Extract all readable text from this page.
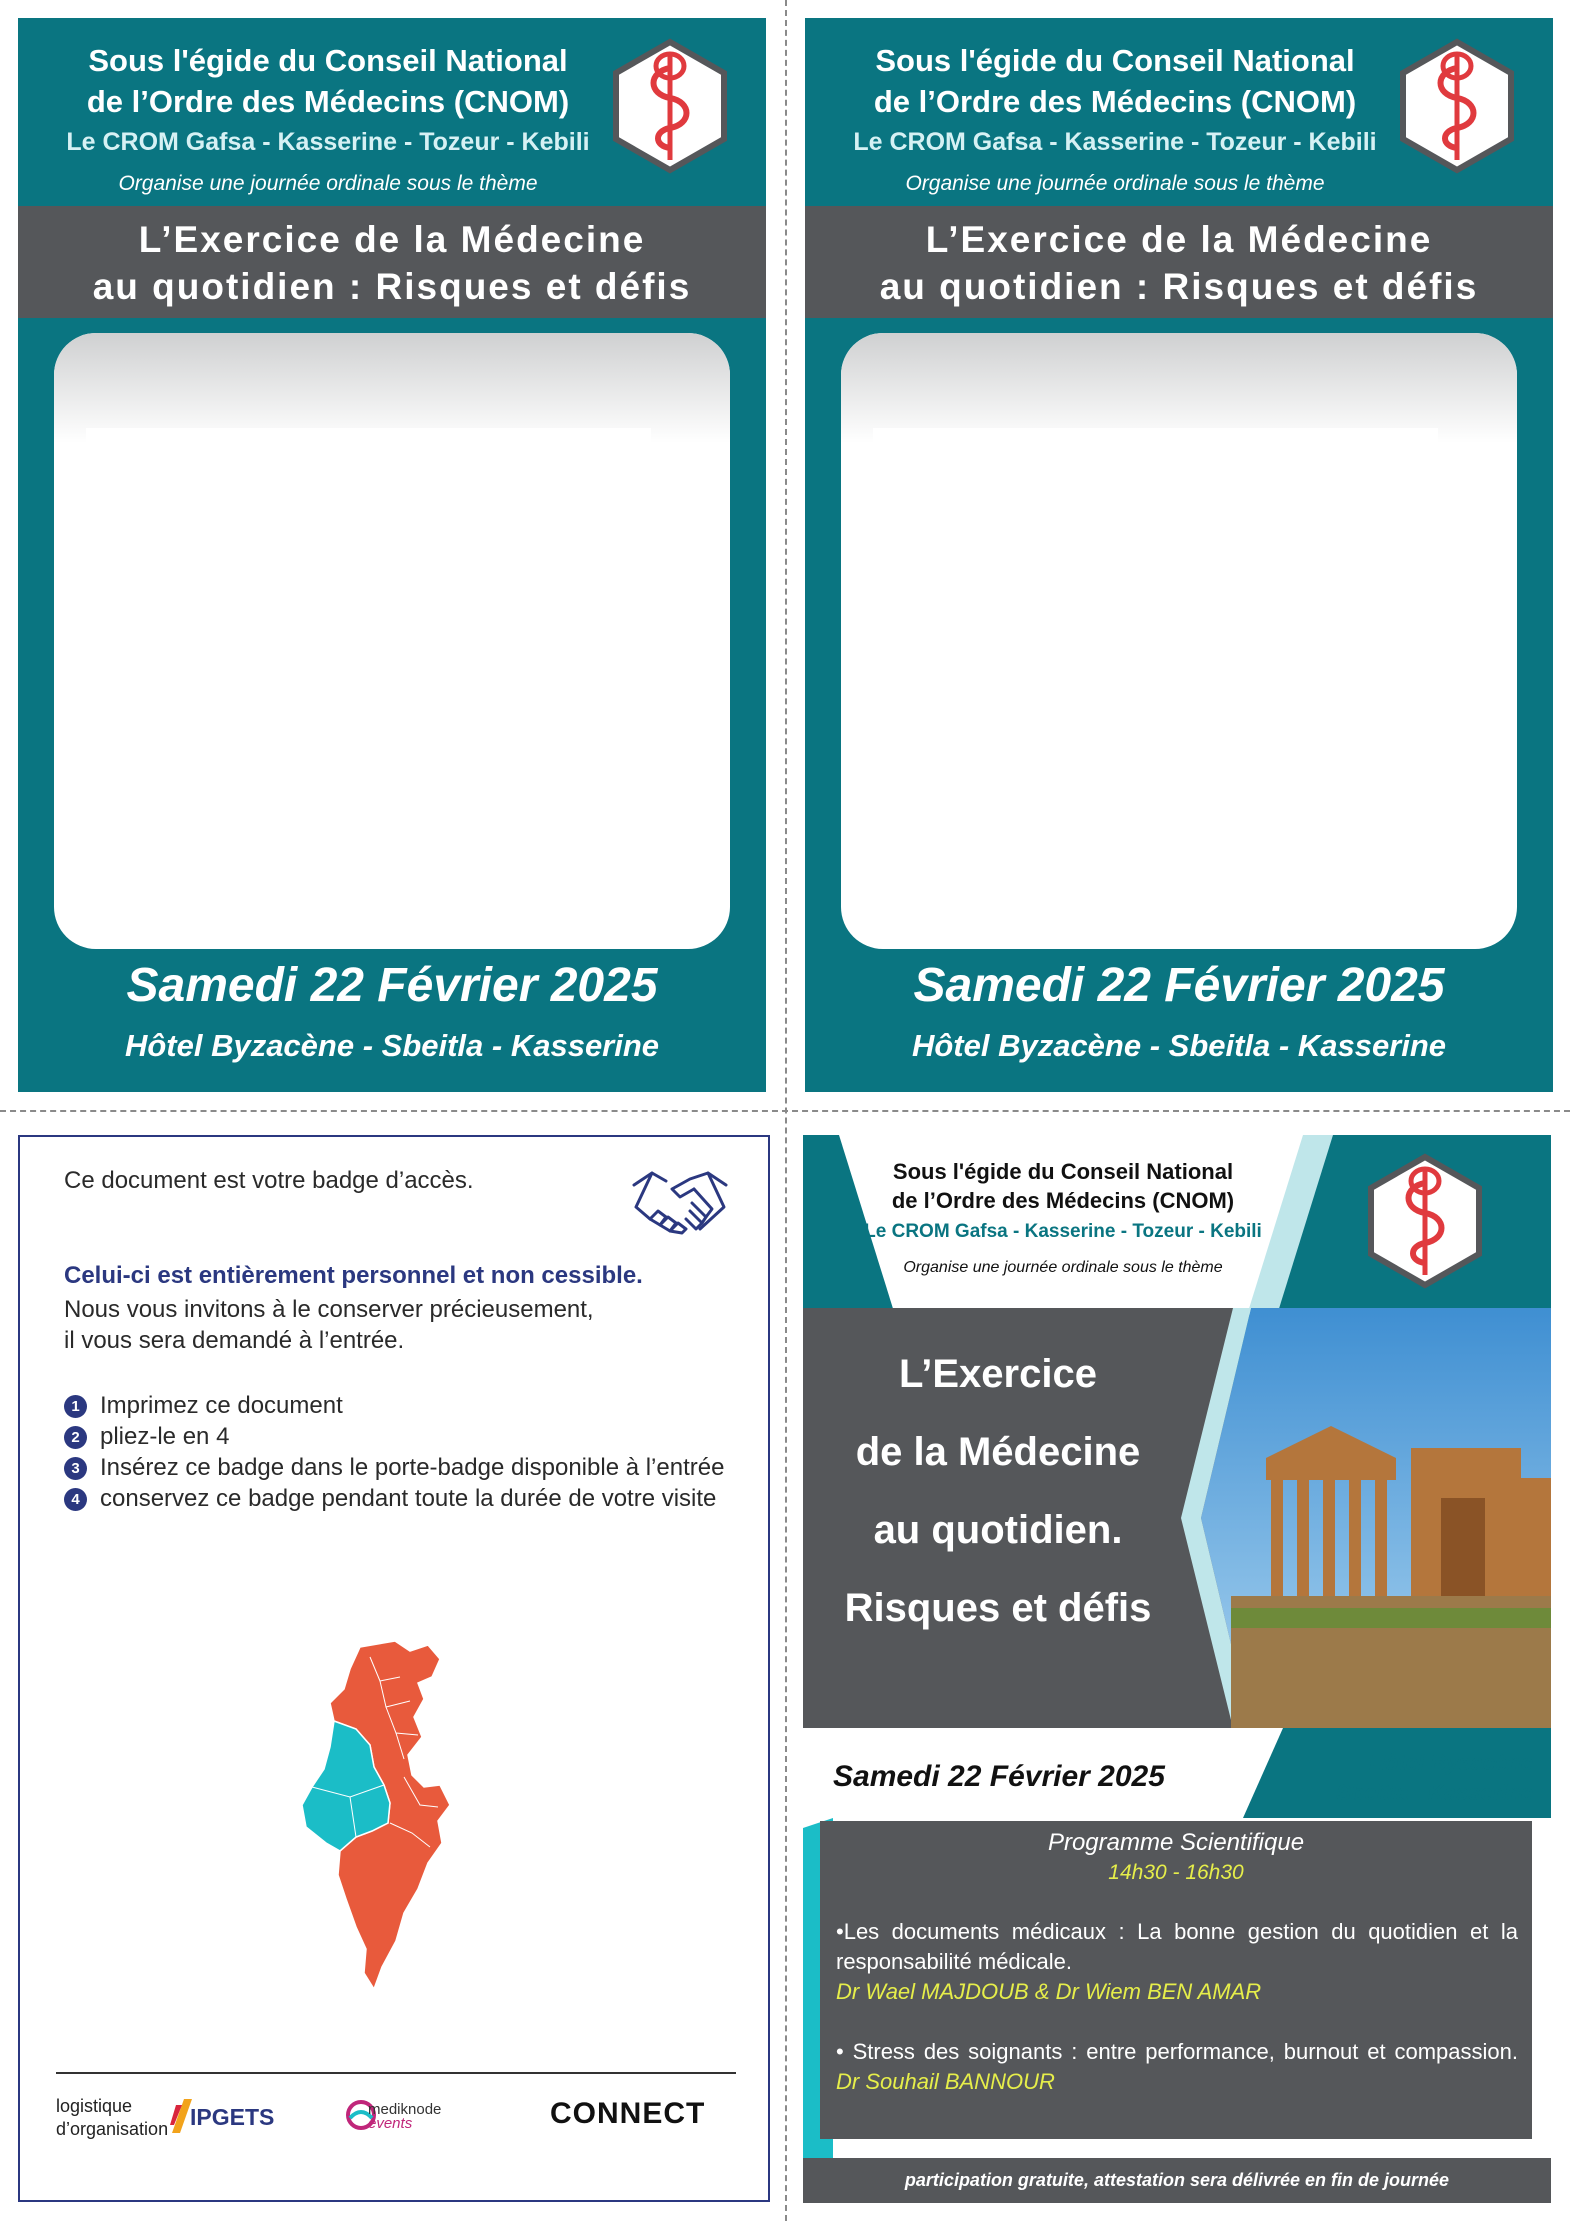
Sous l'égide du Conseil National
de l’Ordre des Médecins (CNOM)
Le CROM Gafsa - Kasserine - Tozeur - Kebili
Organise une journée ordinale sous le thème
L’Exercice de la Médecine
au quotidien : Risques et défis
Samedi 22 Février 2025
Hôtel Byzacène - Sbeitla - Kasserine
Sous l'égide du Conseil National
de l’Ordre des Médecins (CNOM)
Le CROM Gafsa - Kasserine - Tozeur - Kebili
Organise une journée ordinale sous le thème
L’Exercice de la Médecine
au quotidien : Risques et défis
Samedi 22 Février 2025
Hôtel Byzacène - Sbeitla - Kasserine
Ce document est votre badge d’accès.
Celui-ci est entièrement personnel et non cessible.
Nous vous invitons à le conserver précieusement,
il vous sera demandé à l’entrée.
1 Imprimez ce document
2 pliez-le en 4
3 Insérez ce badge dans le porte-badge disponible à l’entrée
4 conservez ce badge pendant toute la durée de votre visite
logistique
d’organisation IPGETS	mediknode
events	CONNECT
Sous l'égide du Conseil National
de l’Ordre des Médecins (CNOM)
Le CROM Gafsa - Kasserine - Tozeur - Kebili
Organise une journée ordinale sous le thème
L’Exercice
de la Médecine
au quotidien.
Risques et défis
Samedi 22 Février 2025	Hôtel Bysacène
Sbeitla - Kasserine
Programme Scientifique
14h30 - 16h30
•Les documents médicaux : La bonne gestion du quotidien et la responsabilité médicale.
Dr Wael MAJDOUB & Dr Wiem BEN AMAR
• Stress des soignants : entre performance, burnout et compassion. Dr Souhail BANNOUR
participation gratuite, attestation sera délivrée en fin de journée
